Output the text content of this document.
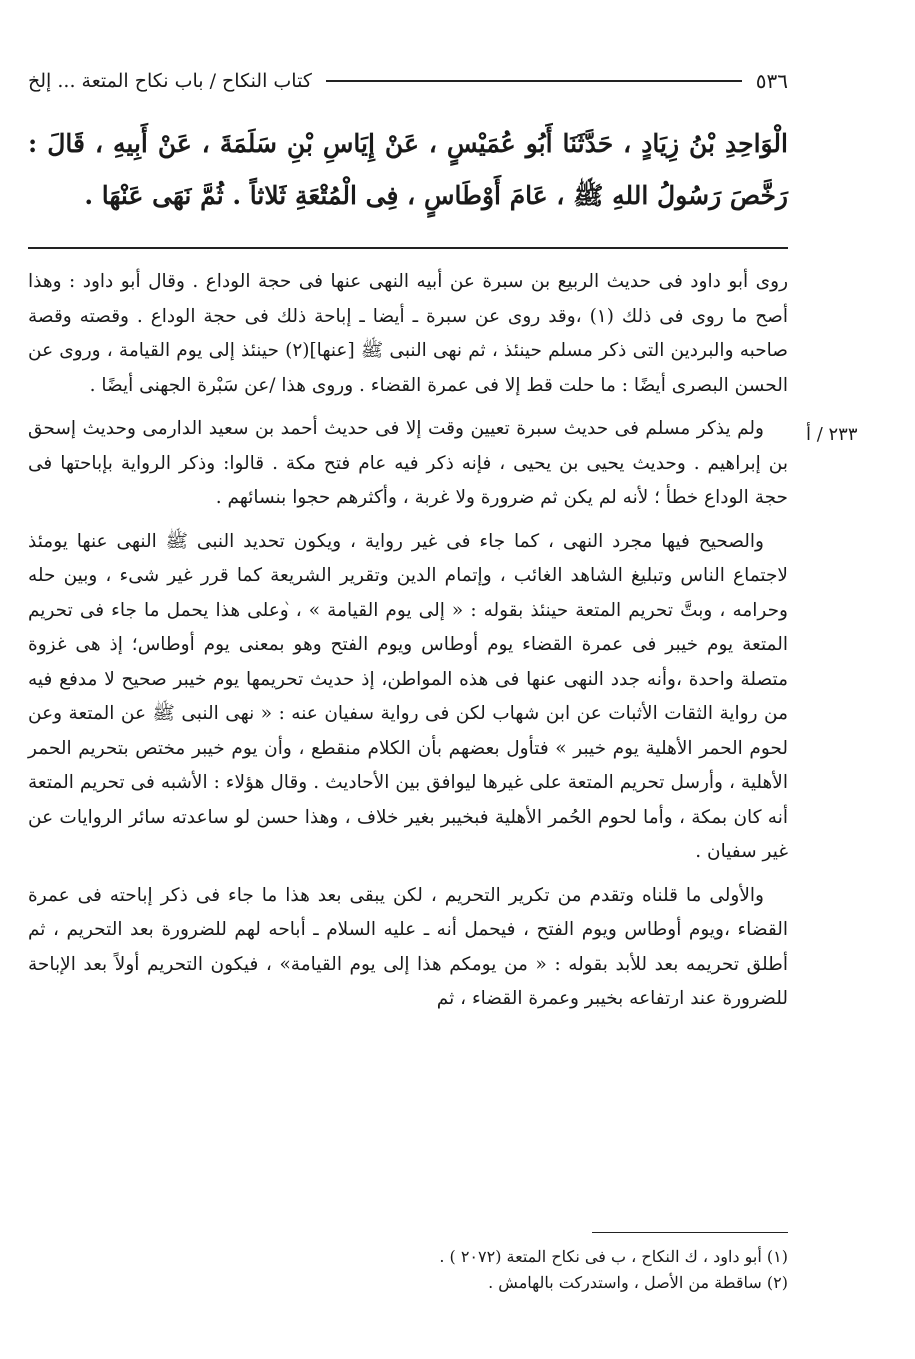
٥٣٦
كتاب النكاح / باب نكاح المتعة ... إلخ
الْوَاحِدِ بْنُ زِيَادٍ ، حَدَّثَنَا أَبُو عُمَيْسٍ ، عَنْ إِيَاسِ بْنِ سَلَمَةَ ، عَنْ أَبِيهِ ، قَالَ : رَخَّصَ رَسُولُ اللهِ ﷺ ، عَامَ أَوْطَاسٍ ، فِى الْمُتْعَةِ ثَلاثاً . ثُمَّ نَهَى عَنْهَا .
٢٣٣ / أ

روى أبو داود فى حديث الربيع بن سبرة عن أبيه النهى عنها فى حجة الوداع . وقال أبو داود : وهذا أصح ما روى فى ذلك (١) ،وقد روى عن سبرة ـ أيضا ـ إباحة ذلك فى حجة الوداع . وقصته وقصة صاحبه والبردين التى ذكر مسلم حينئذ ، ثم نهى النبى ﷺ [عنها](٢) حينئذ إلى يوم القيامة ، وروى عن الحسن البصرى أيضًا : ما حلت قط إلا فى عمرة القضاء . وروى هذا /عن سَبْرة الجهنى أيضًا .

ولم يذكر مسلم فى حديث سبرة تعيين وقت إلا فى حديث أحمد بن سعيد الدارمى وحديث إسحق بن إبراهيم . وحديث يحيى بن يحيى ، فإنه ذكر فيه عام فتح مكة . قالوا: وذكر الرواية بإباحتها فى حجة الوداع خطأ ؛ لأنه لم يكن ثم ضرورة ولا غربة ، وأكثرهم حجوا بنسائهم .

والصحيح فيها مجرد النهى ، كما جاء فى غير رواية ، ويكون تحديد النبى ﷺ النهى عنها يومئذ لاجتماع الناس وتبليغ الشاهد الغائب ، وإتمام الدين وتقرير الشريعة كما قرر غير شىء ، وبين حله وحرامه ، وبتَّ تحريم المتعة حينئذ بقوله : « إلى يوم القيامة » ، وعلى هذا يحمل ما جاء فى تحريم المتعة يوم خيبر فى عمرة القضاء يوم أوطاس ويوم الفتح وهو بمعنى يوم أوطاس؛ إذ هى غزوة متصلة واحدة ،وأنه جدد النهى عنها فى هذه المواطن، إذ حديث تحريمها يوم خيبر صحيح لا مدفع فيه من رواية الثقات الأثبات عن ابن شهاب لكن فى رواية سفيان عنه : « نهى النبى ﷺ عن المتعة وعن لحوم الحمر الأهلية يوم خيبر » فتأول بعضهم بأن الكلام منقطع ، وأن يوم خيبر مختص بتحريم الحمر الأهلية ، وأرسل تحريم المتعة على غيرها ليوافق بين الأحاديث . وقال هؤلاء : الأشبه فى تحريم المتعة أنه كان بمكة ، وأما لحوم الحُمر الأهلية فبخيبر بغير خلاف ، وهذا حسن لو ساعدته سائر الروايات عن غير سفيان .

والأولى ما قلناه وتقدم من تكرير التحريم ، لكن يبقى بعد هذا ما جاء فى ذكر إباحته فى عمرة القضاء ،ويوم أوطاس ويوم الفتح ، فيحمل أنه ـ عليه السلام ـ أباحه لهم للضرورة بعد التحريم ، ثم أطلق تحريمه بعد للأبد بقوله : « من يومكم هذا إلى يوم القيامة» ، فيكون التحريم أولاً بعد الإباحة للضرورة عند ارتفاعه بخيبر وعمرة القضاء ، ثم

(١) أبو داود ، ك النكاح ، ب فى نكاح المتعة (٢٠٧٢ ) .
(٢) ساقطة من الأصل ، واستدركت بالهامش .
